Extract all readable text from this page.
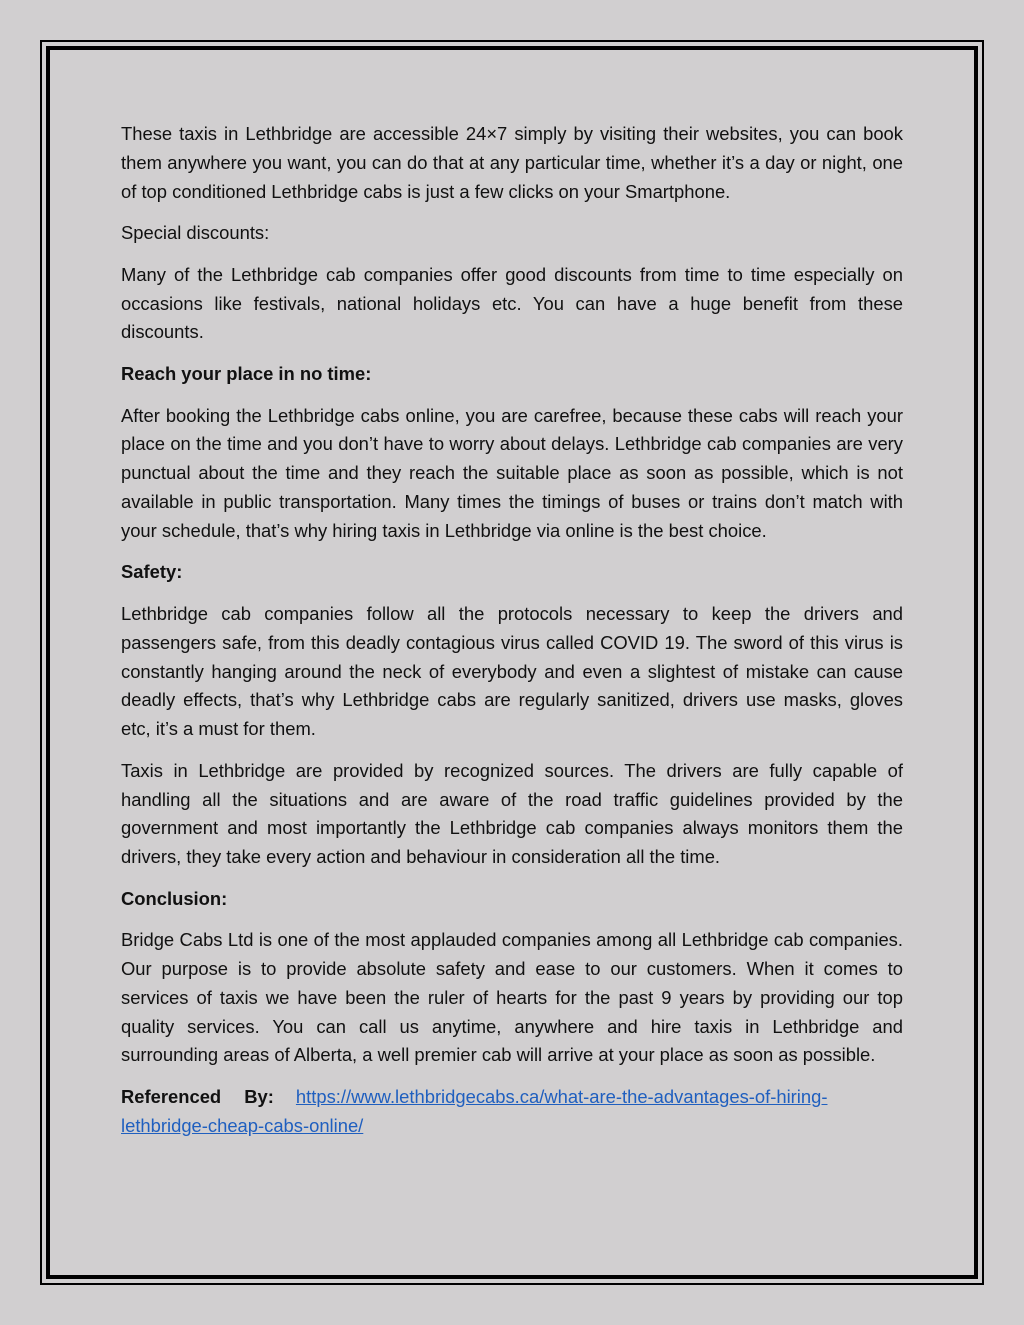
These taxis in Lethbridge are accessible 24×7 simply by visiting their websites, you can book them anywhere you want, you can do that at any particular time, whether it’s a day or night, one of top conditioned Lethbridge cabs is just a few clicks on your Smartphone.

Special discounts:

Many of the Lethbridge cab companies offer good discounts from time to time especially on occasions like festivals, national holidays etc. You can have a huge benefit from these discounts.

Reach your place in no time:

After booking the Lethbridge cabs online, you are carefree, because these cabs will reach your place on the time and you don’t have to worry about delays. Lethbridge cab companies are very punctual about the time and they reach the suitable place as soon as possible, which is not available in public transportation. Many times the timings of buses or trains don’t match with your schedule, that’s why hiring taxis in Lethbridge via online is the best choice.

Safety:

Lethbridge cab companies follow all the protocols necessary to keep the drivers and passengers safe, from this deadly contagious virus called COVID 19. The sword of this virus is constantly hanging around the neck of everybody and even a slightest of mistake can cause deadly effects, that’s why Lethbridge cabs are regularly sanitized, drivers use masks, gloves etc, it’s a must for them.

Taxis in Lethbridge are provided by recognized sources. The drivers are fully capable of handling all the situations and are aware of the road traffic guidelines provided by the government and most importantly the Lethbridge cab companies always monitors them the drivers, they take every action and behaviour in consideration all the time.

Conclusion:

Bridge Cabs Ltd is one of the most applauded companies among all Lethbridge cab companies. Our purpose is to provide absolute safety and ease to our customers. When it comes to services of taxis we have been the ruler of hearts for the past 9 years by providing our top quality services. You can call us anytime, anywhere and hire taxis in Lethbridge and surrounding areas of Alberta, a well premier cab will arrive at your place as soon as possible.

Referenced By: https://www.lethbridgecabs.ca/what-are-the-advantages-of-hiring-lethbridge-cheap-cabs-online/
